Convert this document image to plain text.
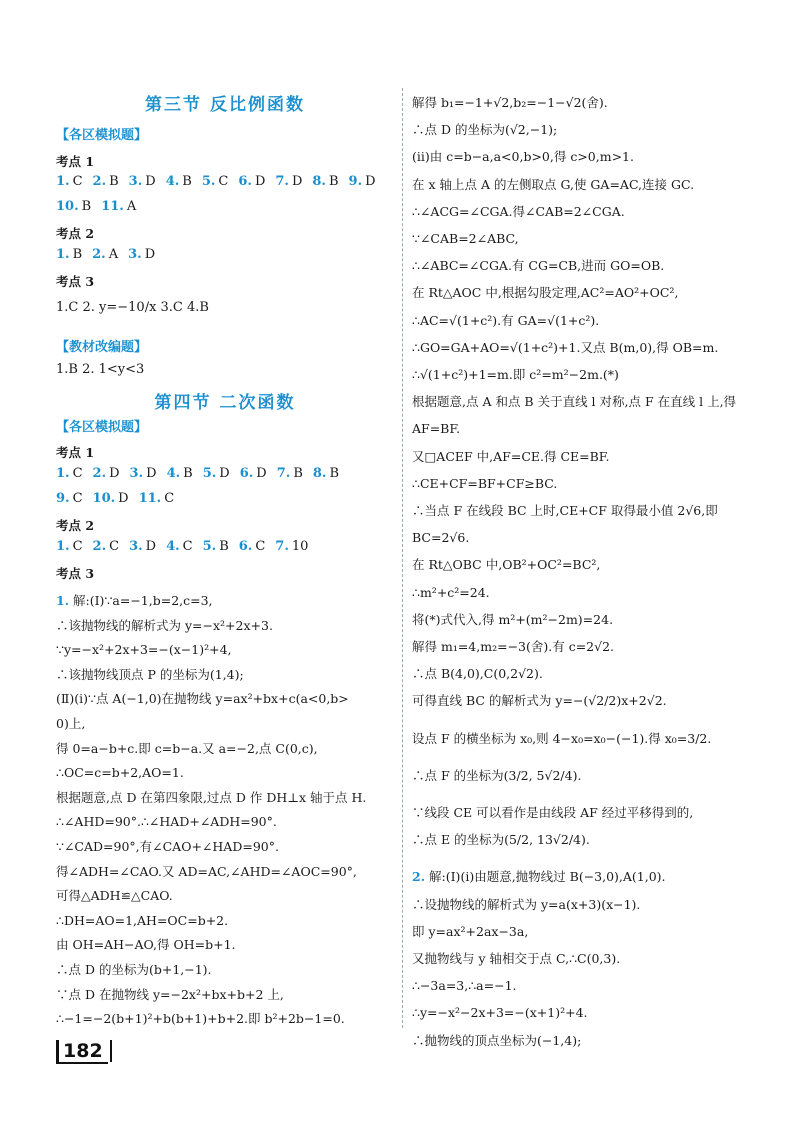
第三节 反比例函数
【各区模拟题】
考点 1
1. C 2. B 3. D 4. B 5. C 6. D 7. D 8. B 9. D
10. B 11. A
考点 2
1. B 2. A 3. D
考点 3
1.C 2. y=−10/x 3.C 4.B
【教材改编题】
1.B 2. 1<y<3
第四节 二次函数
【各区模拟题】
考点 1
1. C 2. D 3. D 4. B 5. D 6. D 7. B 8. B
9. C 10. D 11. C
考点 2
1. C 2. C 3. D 4. C 5. B 6. C 7. 10
考点 3
1. 解:(Ⅰ)∵a=−1,b=2,c=3,
∴该抛物线的解析式为 y=−x²+2x+3.
∵y=−x²+2x+3=−(x−1)²+4,
∴该抛物线顶点 P 的坐标为(1,4);
(Ⅱ)(ⅰ)∵点 A(−1,0)在抛物线 y=ax²+bx+c(a<0,b>
0)上,
得 0=a−b+c.即 c=b−a.又 a=−2,点 C(0,c),
∴OC=c=b+2,AO=1.
根据题意,点 D 在第四象限,过点 D 作 DH⊥x 轴于点 H.
∴∠AHD=90°.∴∠HAD+∠ADH=90°.
∵∠CAD=90°,有∠CAO+∠HAD=90°.
得∠ADH=∠CAO.又 AD=AC,∠AHD=∠AOC=90°,
可得△ADH≌△CAO.
∴DH=AO=1,AH=OC=b+2.
由 OH=AH−AO,得 OH=b+1.
∴点 D 的坐标为(b+1,−1).
∵点 D 在抛物线 y=−2x²+bx+b+2 上,
∴−1=−2(b+1)²+b(b+1)+b+2.即 b²+2b−1=0.
解得 b₁=−1+√2,b₂=−1−√2(舍).
∴点 D 的坐标为(√2,−1);
(ⅱ)由 c=b−a,a<0,b>0,得 c>0,m>1.
在 x 轴上点 A 的左侧取点 G,使 GA=AC,连接 GC.
∴∠ACG=∠CGA.得∠CAB=2∠CGA.
∵∠CAB=2∠ABC,
∴∠ABC=∠CGA.有 CG=CB,进而 GO=OB.
在 Rt△AOC 中,根据勾股定理,AC²=AO²+OC²,
∴AC=√(1+c²).有 GA=√(1+c²).
∴GO=GA+AO=√(1+c²)+1.又点 B(m,0),得 OB=m.
∴√(1+c²)+1=m.即 c²=m²−2m.(*)
根据题意,点 A 和点 B 关于直线 l 对称,点 F 在直线 l 上,得
AF=BF.
又□ACEF 中,AF=CE.得 CE=BF.
∴CE+CF=BF+CF≥BC.
∴当点 F 在线段 BC 上时,CE+CF 取得最小值 2√6,即
BC=2√6.
在 Rt△OBC 中,OB²+OC²=BC²,
∴m²+c²=24.
将(*)式代入,得 m²+(m²−2m)=24.
解得 m₁=4,m₂=−3(舍).有 c=2√2.
∴点 B(4,0),C(0,2√2).
可得直线 BC 的解析式为 y=−(√2/2)x+2√2.
设点 F 的横坐标为 x₀,则 4−x₀=x₀−(−1).得 x₀=3/2.
∴点 F 的坐标为(3/2, 5√2/4).
∵线段 CE 可以看作是由线段 AF 经过平移得到的,
∴点 E 的坐标为(5/2, 13√2/4).
2. 解:(Ⅰ)(ⅰ)由题意,抛物线过 B(−3,0),A(1,0).
∴设抛物线的解析式为 y=a(x+3)(x−1).
即 y=ax²+2ax−3a,
又抛物线与 y 轴相交于点 C,∴C(0,3).
∴−3a=3,∴a=−1.
∴y=−x²−2x+3=−(x+1)²+4.
∴抛物线的顶点坐标为(−1,4);
182
